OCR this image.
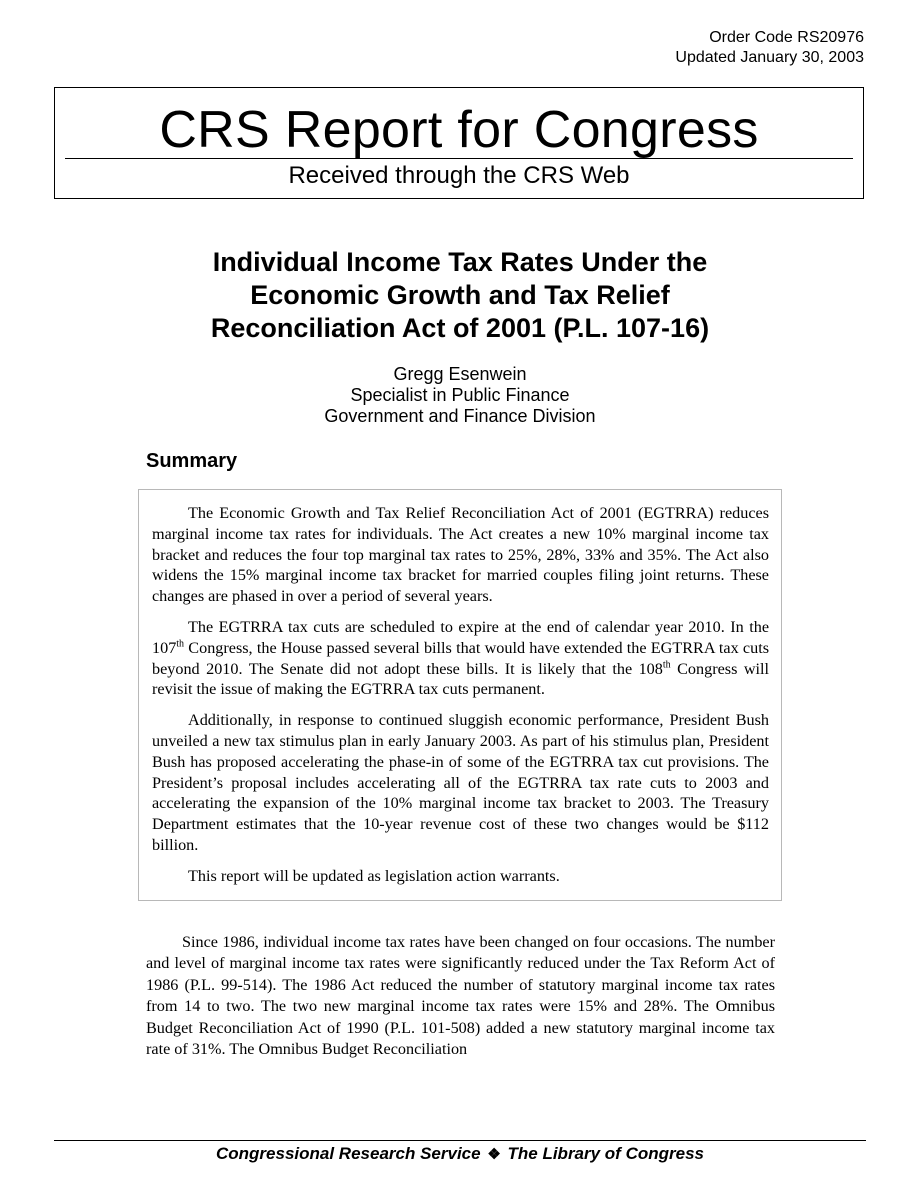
Order Code RS20976
Updated January 30, 2003
CRS Report for Congress
Received through the CRS Web
Individual Income Tax Rates Under the
Economic Growth and Tax Relief
Reconciliation Act of 2001 (P.L. 107-16)
Gregg Esenwein
Specialist in Public Finance
Government and Finance Division
Summary

The Economic Growth and Tax Relief Reconciliation Act of 2001 (EGTRRA) reduces marginal income tax rates for individuals. The Act creates a new 10% marginal income tax bracket and reduces the four top marginal tax rates to 25%, 28%, 33% and 35%. The Act also widens the 15% marginal income tax bracket for married couples filing joint returns. These changes are phased in over a period of several years.

The EGTRRA tax cuts are scheduled to expire at the end of calendar year 2010. In the 107th Congress, the House passed several bills that would have extended the EGTRRA tax cuts beyond 2010. The Senate did not adopt these bills. It is likely that the 108th Congress will revisit the issue of making the EGTRRA tax cuts permanent.

Additionally, in response to continued sluggish economic performance, President Bush unveiled a new tax stimulus plan in early January 2003. As part of his stimulus plan, President Bush has proposed accelerating the phase-in of some of the EGTRRA tax cut provisions. The President’s proposal includes accelerating all of the EGTRRA tax rate cuts to 2003 and accelerating the expansion of the 10% marginal income tax bracket to 2003. The Treasury Department estimates that the 10-year revenue cost of these two changes would be $112 billion.

This report will be updated as legislation action warrants.

Since 1986, individual income tax rates have been changed on four occasions. The number and level of marginal income tax rates were significantly reduced under the Tax Reform Act of 1986 (P.L. 99-514). The 1986 Act reduced the number of statutory marginal income tax rates from 14 to two. The two new marginal income tax rates were 15% and 28%. The Omnibus Budget Reconciliation Act of 1990 (P.L. 101-508) added a new statutory marginal income tax rate of 31%. The Omnibus Budget Reconciliation

Congressional Research Service ❖ The Library of Congress
